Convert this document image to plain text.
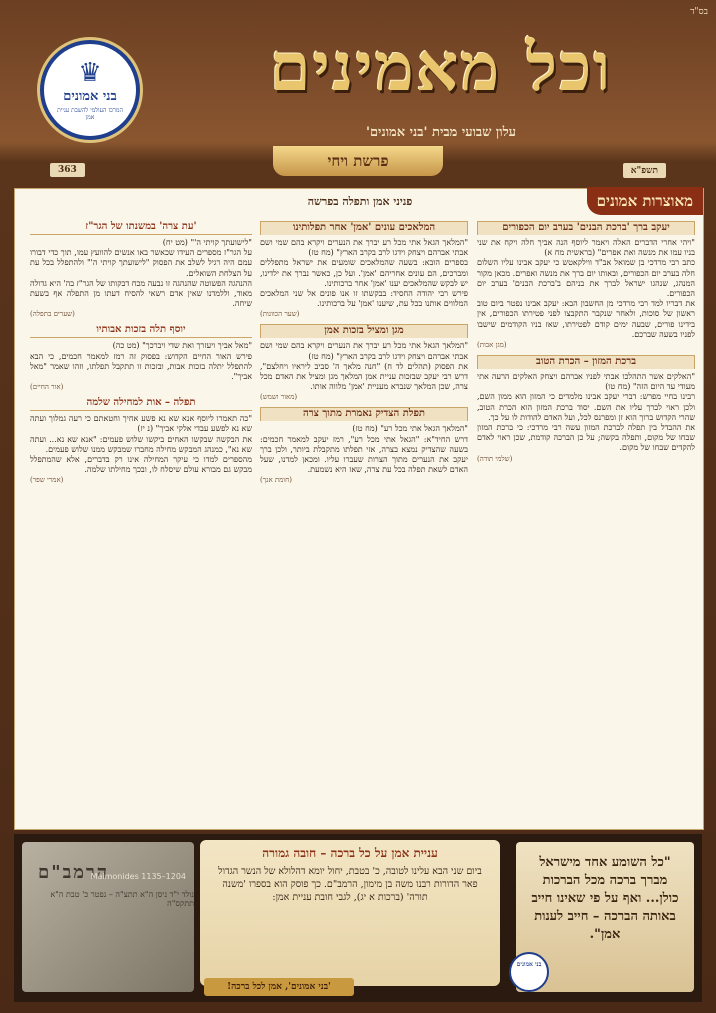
בס"ד
וכל מאמינים
עלון שבועי מבית 'בני אמונים'
♛
בני אמונים
המרכז העולמי להשבת עניית אמן
פרשת ויחי
תשפ"א
363
מאוצרות אמונים
פניני אמן ותפלה בפרשה
יעקב ברך 'ברכת הבנים' בערב יום הכפורים
"ויהי אחרי הדברים האלה ויאמר ליוסף הנה אביך חלה ויקח את שני בניו עמו את מנשה ואת אפרים" (בראשית מח א)
כתב רבי מרדכי בן שמואל אב"ד ווילקאטש כי יעקב אבינו עליו השלום חלה בערב יום הכפורים, ובאותו יום ברך את מנשה ואפרים. מכאן מקור המנהג, שנהגו ישראל לברך את בניהם ב'ברכת הבנים' בערב יום הכפורים.
את דבריו למד רבי מרדכי מן החשבון הבא: יעקב אבינו נפטר ביום טוב ראשון של סוכות, ולאחר שנקבר התקבצו לפני פטירתו הכפורים, אין בידינו פורים, שבעה ימים קודם לפטירתו, שאז בניו הקודמים שישבו לפניו בשעה שברכם.
(מגן אבות)
ברכת המזון – הכרת הטוב
"האלקים אשר התהלכו אבתי לפניו אברהם ויצחק האלקים הרעה אתי מעודי עד היום הזה" (מח טו)
רבינו בחיי מפרש: דברי יעקב אבינו מלמדים כי המזון הוא ממון השם, ולכן ראוי לברך עליו את השם. יסוד ברכת המזון הוא הכרת הטוב, שהרי הקדוש ברוך הוא זן ומפרנס לכל, ועל האדם להודות לו על כך.
את ההבדל בין תפלה לברכת המזון עשה רבי מרדכי: כי ברכת המזון שבחו של מקום, ותפלה בקשה; על כן הברכה קודמת, שכן ראוי לאדם להקדים שבחו של מקום.
(שלמי תודה)
המלאכים עונים 'אמן' אחר תפלותינו
"המלאך הגאל אתי מכל רע יברך את הנערים ויקרא בהם שמי ושם אבתי אברהם ויצחק וידגו לרב בקרב הארץ" (מח טז)
בספרים הובא: בשעה שהמלאכים שומעים את ישראל מתפללים ומברכים, הם עונים אחריהם 'אמן'. ועל כן, כאשר נברך את ילדינו, יש לבקש שהמלאכים יענו 'אמן' אחר ברכותינו.
פירש רבי יהודה החסיד: בבקשתו זו אנו פונים אל שני המלאכים המלווים אותנו בכל עת, שיענו 'אמן' על ברכותינו.
(שער הכוונות)
מגן ומציל בזכות אמן
"המלאך הגאל אתי מכל רע יברך את הנערים ויקרא בהם שמי ושם אבתי אברהם ויצחק וידגו לרב בקרב הארץ" (מח טז)
את הפסוק (תהלים לד ח) "חנה מלאך ה' סביב ליראיו ויחלצם", דרש רבי יעקב שבזכות עניית אמן המלאך מגן ומציל את האדם מכל צרה, שכן המלאך שנברא מעניית 'אמן' מלווה אותו.
(מאור ושמש)
תפלת הצדיק נאמרת מתוך צרה
"המלאך הגאל אתי מכל רע" (מח טז)
דרש החיד"א: "הגאל אתי מכל רע", רמז יעקב למאמר חכמים: בשעה שהצדיק נמצא בצרה, אזי תפלתו מתקבלת ביותר, ולכן ברך יעקב את הנערים מתוך הצרות שעברו עליו. ומכאן למדנו, שעל האדם לשאת תפלה בכל עת צרה, שאז היא נשמעת.
(חומת אנך)
'עת צרה' במשנתו של הגר"ז
"לישועתך קויתי ה'" (מט יח)
על הגר"ז מספרים העידו שכאשר באו אנשים להוועץ עמו, תוך כדי דבורו עמם היה רגיל לשלב את הפסוק "לישועתך קויתי ה'" ולהתפלל בכל עת על הצלחת השואלים.
ההנהגה הפשוטה שהנהגה זו נבעה מכח דבקותו של הגר"ז בה' היא גדולה מאוד, וללמדנו שאין אדם רשאי להסיח דעתו מן התפלה אף בשעת שיחה.
(שערים בתפלה)
יוסף תלה בזכות אבותיו
"מאל אביך ויעזרך ואת שדי ויברכך" (מט כה)
פירש האור החיים הקדוש: בפסוק זה רמז למאמר חכמים, כי הבא להתפלל יתלה בזכות אבות, ובזכות זו תתקבל תפלתו, וזהו שאמר "מאל אביך".
(אור החיים)
תפלה – אות למחילה שלמה
"כה תאמרו ליוסף אנא שא נא פשע אחיך וחטאתם כי רעה גמלוך ועתה שא נא לפשע עבדי אלקי אביך" (נ יז)
את הבקשה שבקשו האחים ביקשו שלוש פעמים: "אנא שא נא... ועתה שא נא", כמנהג המבקש מחילה מחברו שמבקש ממנו שלוש פעמים.
מהספרים למדו כי עיקר המחילה אינו רק בדברים, אלא שהמתפלל מבקש גם מבורא עולם שיסלח לו, ובכך מחילתו שלמה.
(אמרי שפר)
"כל השומע אחד מישראל מברך ברכה מכל הברכות כולן... ואף על פי שאינו חייב באותה הברכה – חייב לענות אמן".
עניית אמן על כל ברכה – חובה גמורה
ביום שני הבא עלינו לטובה, כ' בטבת, יחול יומא דהלולא של הנשר הגדול פאר הדורות רבנו משה בן מימון, הרמב"ם. כך פוסק הוא בספרו 'משנה תורה' (ברכות א יג), לגבי חובת עניית אמן:
הרמב"ם
נולד י"ד ניסן ה"א תתצ"ה – נפטר כ' טבת ה"א תתקס"ה
Maimonides 1135–1204
בני אמונים
'בני אמונים', אמן לכל ברכה!
